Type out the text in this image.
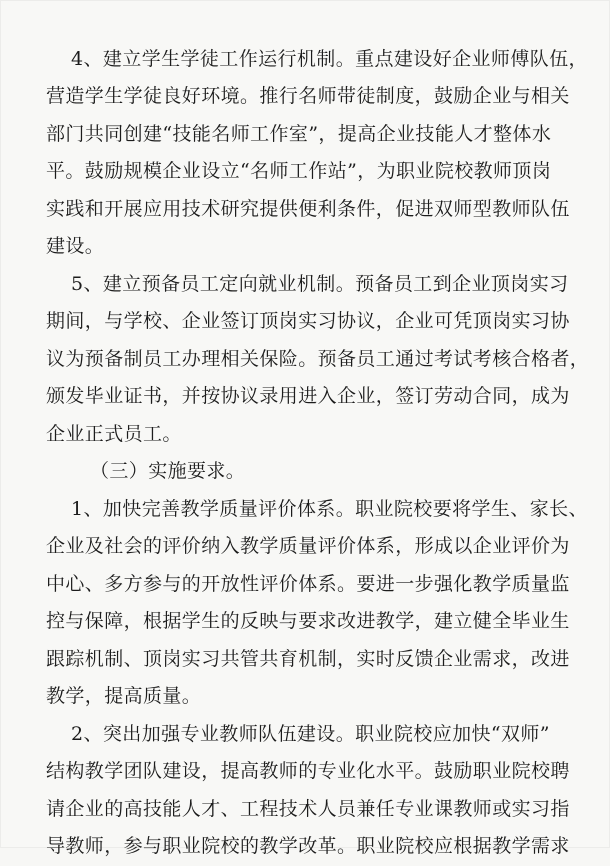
4、建立学生学徒工作运行机制。重点建设好企业师傅队伍，
营造学生学徒良好环境。推行名师带徒制度，鼓励企业与相关
部门共同创建“技能名师工作室”，提高企业技能人才整体水
平。鼓励规模企业设立“名师工作站”，为职业院校教师顶岗
实践和开展应用技术研究提供便利条件，促进双师型教师队伍
建设。
5、建立预备员工定向就业机制。预备员工到企业顶岗实习
期间，与学校、企业签订顶岗实习协议，企业可凭顶岗实习协
议为预备制员工办理相关保险。预备员工通过考试考核合格者，
颁发毕业证书，并按协议录用进入企业，签订劳动合同，成为
企业正式员工。
（三）实施要求。
1、加快完善教学质量评价体系。职业院校要将学生、家长、
企业及社会的评价纳入教学质量评价体系，形成以企业评价为
中心、多方参与的开放性评价体系。要进一步强化教学质量监
控与保障，根据学生的反映与要求改进教学，建立健全毕业生
跟踪机制、顶岗实习共管共育机制，实时反馈企业需求，改进
教学，提高质量。
2、突出加强专业教师队伍建设。职业院校应加快“双师”
结构教学团队建设，提高教师的专业化水平。鼓励职业院校聘
请企业的高技能人才、工程技术人员兼任专业课教师或实习指
导教师，参与职业院校的教学改革。职业院校应根据教学需求
